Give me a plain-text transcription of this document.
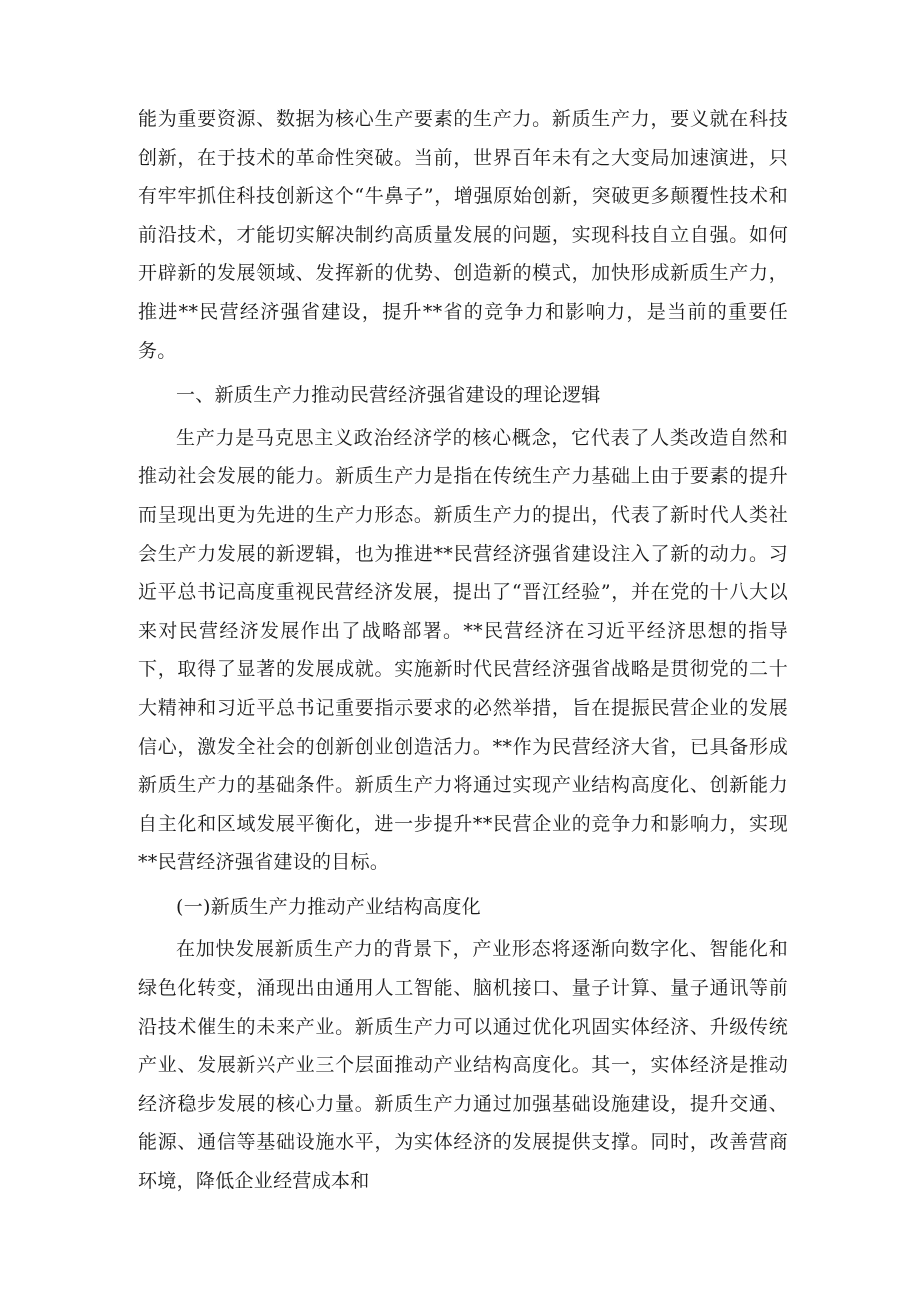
能为重要资源、数据为核心生产要素的生产力。新质生产力，要义就在科技创新，在于技术的革命性突破。当前，世界百年未有之大变局加速演进，只有牢牢抓住科技创新这个“牛鼻子”，增强原始创新，突破更多颠覆性技术和前沿技术，才能切实解决制约高质量发展的问题，实现科技自立自强。如何开辟新的发展领域、发挥新的优势、创造新的模式，加快形成新质生产力，推进**民营经济强省建设，提升**省的竞争力和影响力，是当前的重要任务。

一、新质生产力推动民营经济强省建设的理论逻辑

生产力是马克思主义政治经济学的核心概念，它代表了人类改造自然和推动社会发展的能力。新质生产力是指在传统生产力基础上由于要素的提升而呈现出更为先进的生产力形态。新质生产力的提出，代表了新时代人类社会生产力发展的新逻辑，也为推进**民营经济强省建设注入了新的动力。习近平总书记高度重视民营经济发展，提出了“晋江经验”，并在党的十八大以来对民营经济发展作出了战略部署。**民营经济在习近平经济思想的指导下，取得了显著的发展成就。实施新时代民营经济强省战略是贯彻党的二十大精神和习近平总书记重要指示要求的必然举措，旨在提振民营企业的发展信心，激发全社会的创新创业创造活力。**作为民营经济大省，已具备形成新质生产力的基础条件。新质生产力将通过实现产业结构高度化、创新能力自主化和区域发展平衡化，进一步提升**民营企业的竞争力和影响力，实现**民营经济强省建设的目标。

(一)新质生产力推动产业结构高度化

在加快发展新质生产力的背景下，产业形态将逐渐向数字化、智能化和绿色化转变，涌现出由通用人工智能、脑机接口、量子计算、量子通讯等前沿技术催生的未来产业。新质生产力可以通过优化巩固实体经济、升级传统产业、发展新兴产业三个层面推动产业结构高度化。其一，实体经济是推动经济稳步发展的核心力量。新质生产力通过加强基础设施建设，提升交通、能源、通信等基础设施水平，为实体经济的发展提供支撑。同时，改善营商环境，降低企业经营成本和
